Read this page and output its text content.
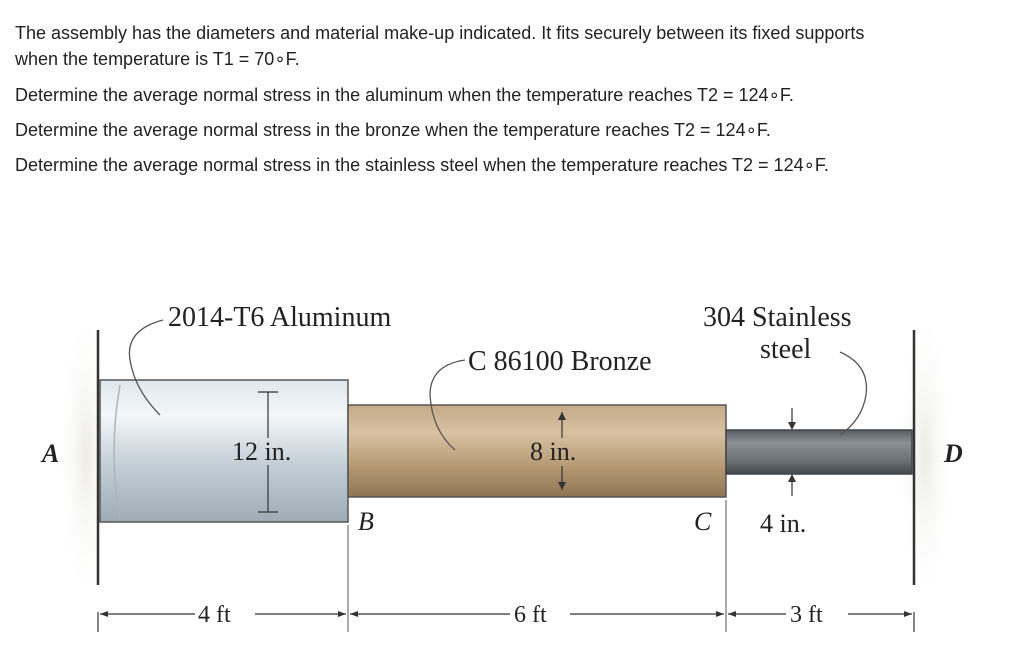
The assembly has the diameters and material make-up indicated. It fits securely between its fixed supports
when the temperature is T1 = 70∘F.

Determine the average normal stress in the aluminum when the temperature reaches T2 = 124∘F.

Determine the average normal stress in the bronze when the temperature reaches T2 = 124∘F.

Determine the average normal stress in the stainless steel when the temperature reaches T2 = 124∘F.

2014-T6 Aluminum
C 86100 Bronze
304 Stainless
steel
A
B	C
D
12 in.	8 in.
4 in.
4 ft	6 ft	3 ft
